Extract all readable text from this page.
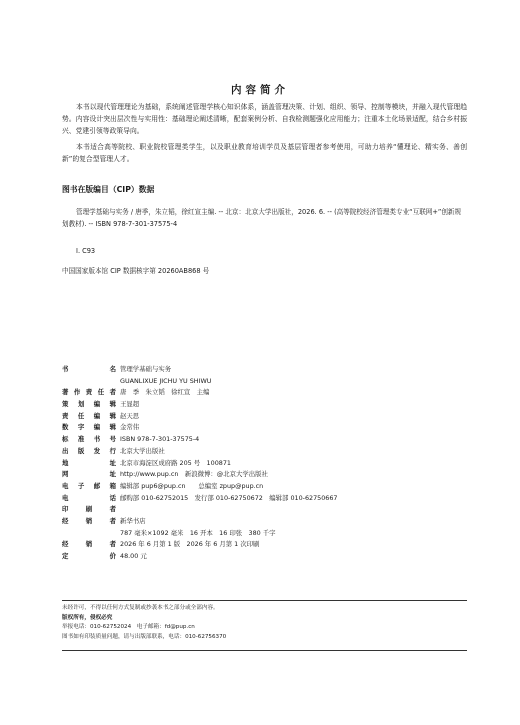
内容简介
本书以现代管理理论为基础，系统阐述管理学核心知识体系，涵盖管理决策、计划、组织、领导、控制等模块，并融入现代管理趋势。内容设计突出层次性与实用性：基础理论阐述清晰，配套案例分析、自我检测题强化应用能力；注重本土化场景适配，结合乡村振兴、党建引领等政策导向。
本书适合高等院校、职业院校管理类学生，以及职业教育培训学员及基层管理者参考使用，可助力培养“懂理论、精实务、善创新”的复合型管理人才。
图书在版编目（CIP）数据
管理学基础与实务 / 唐季，朱立韬，徐红宣主编. -- 北京：北京大学出版社，2026. 6. -- (高等院校经济管理类专业“互联网+”创新规划教材). -- ISBN 978-7-301-37575-4
Ⅰ. C93
中国国家版本馆 CIP 数据核字第 20260AB868 号
书名 管理学基础与实务
GUANLIXUE JICHU YU SHIWU
著作责任者 唐　季　朱立韬　徐红宣　主编
策划编辑 王显超
责任编辑 赵天思
数字编辑 金常伟
标准书号 ISBN 978-7-301-37575-4
出版发行 北京大学出版社
地址 北京市海淀区成府路 205 号　100871
网址 http://www.pup.cn　新浪微博：@北京大学出版社
电子邮箱 编辑部 pup6@pup.cn　　总编室 zpup@pup.cn
电话 邮购部 010-62752015　发行部 010-62750672　编辑部 010-62750667
印刷者
经销者 新华书店
787 毫米×1092 毫米　16 开本　16 印张　380 千字
经销者 2026 年 6 月第 1 版　2026 年 6 月第 1 次印刷
定价 48.00 元
未经许可，不得以任何方式复制或抄袭本书之部分或全部内容。
版权所有，侵权必究
举报电话：010-62752024　电子邮箱：fd@pup.cn
图书如有印装质量问题，请与出版部联系，电话：010-62756370
